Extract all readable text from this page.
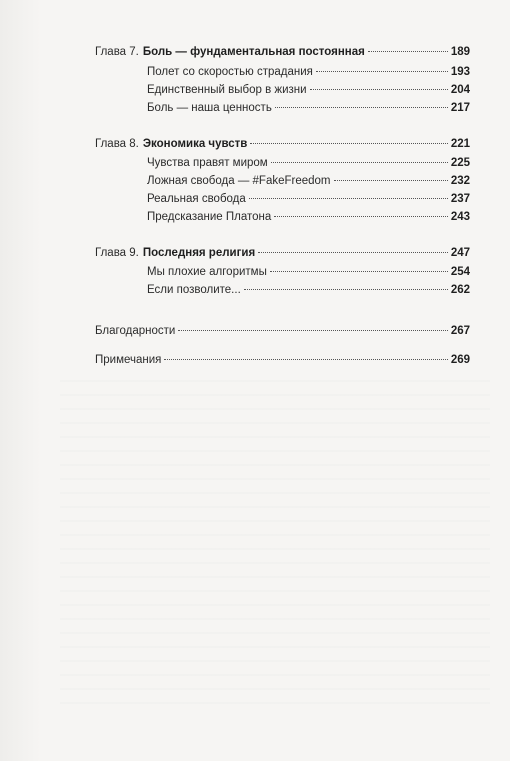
Глава 7. Боль — фундаментальная постоянная	189
Полет со скоростью страдания	193
Единственный выбор в жизни	204
Боль — наша ценность	217
Глава 8. Экономика чувств	221
Чувства правят миром	225
Ложная свобода — #FakeFreedom	232
Реальная свобода	237
Предсказание Платона	243
Глава 9. Последняя религия	247
Мы плохие алгоритмы	254
Если позволите...	262
Благодарности	267
Примечания	269
